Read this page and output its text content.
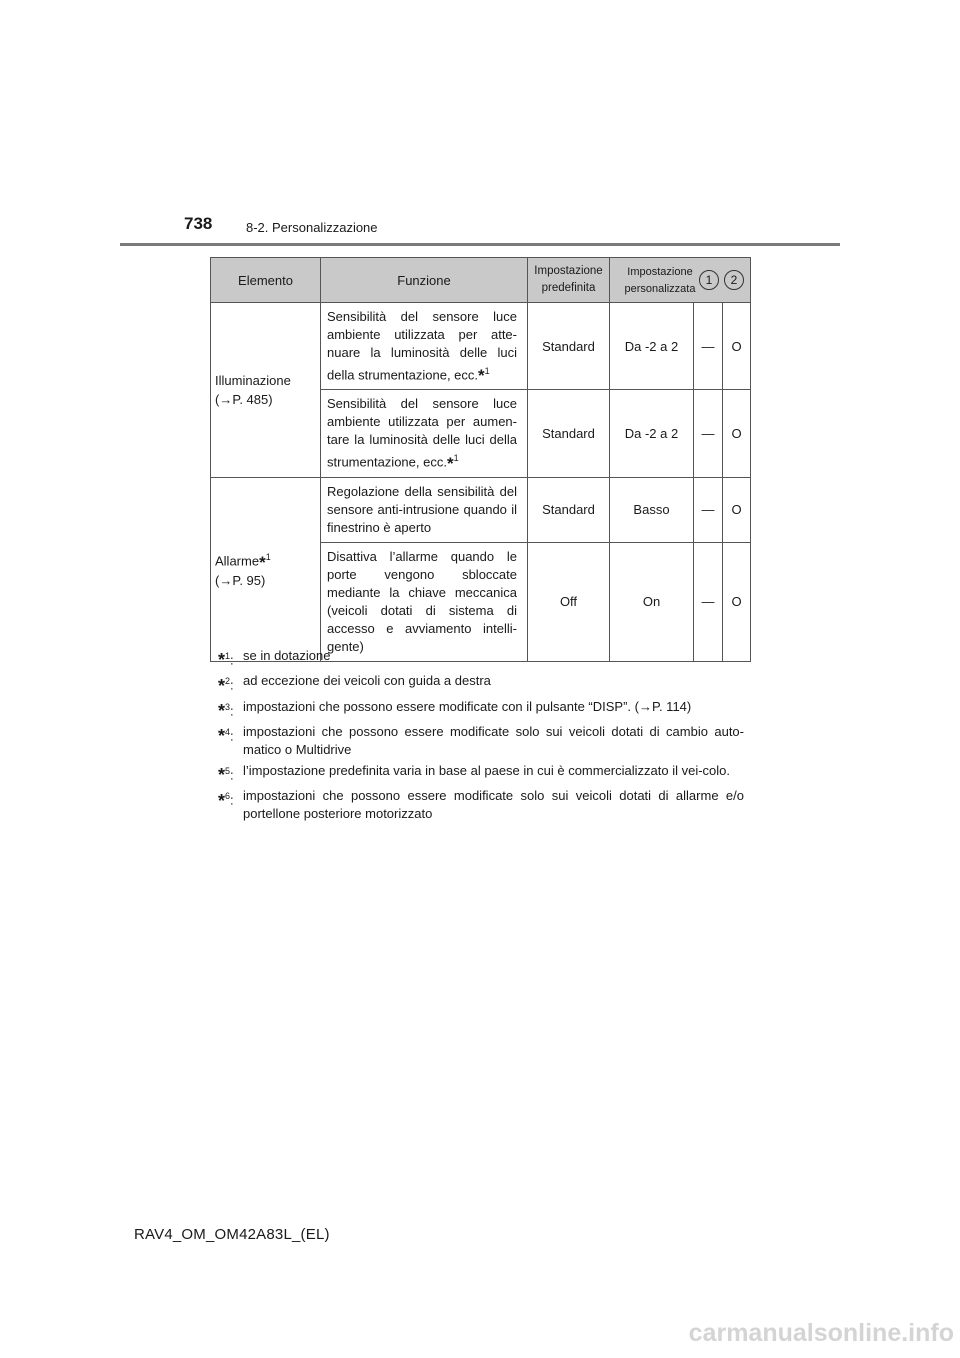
738	8-2. Personalizzazione
Elemento	Funzione	Impostazione predefinita	Impostazione personalizzata
1 2		

Illuminazione
(→P. 485)	Sensibilità del sensore luce ambiente utilizzata per atte-nuare la luminosità delle luci della strumentazione, ecc.*$^1$	Standard	Da -2 a 2	—	O
	Sensibilità del sensore luce ambiente utilizzata per aumen-tare la luminosità delle luci della strumentazione, ecc.*$^1$	Standard	Da -2 a 2	—	O
Allarme*$^1$
(→P. 95)	Regolazione della sensibilità del sensore anti-intrusione quando il finestrino è aperto	Standard	Basso	—	O
	Disattiva l’allarme quando le porte vengono sbloccate mediante la chiave meccanica (veicoli dotati di sistema di accesso e avviamento intelli-gente)	Off	On	—	O
*$^1$: se in dotazione
*$^2$: ad eccezione dei veicoli con guida a destra
*$^3$: impostazioni che possono essere modificate con il pulsante “DISP”. (→P. 114)
*$^4$: impostazioni che possono essere modificate solo sui veicoli dotati di cambio auto-matico o Multidrive
*$^5$: l’impostazione predefinita varia in base al paese in cui è commercializzato il vei-colo.
*$^6$: impostazioni che possono essere modificate solo sui veicoli dotati di allarme e/o portellone posteriore motorizzato
RAV4_OM_OM42A83L_(EL)
carmanualsonline.info
